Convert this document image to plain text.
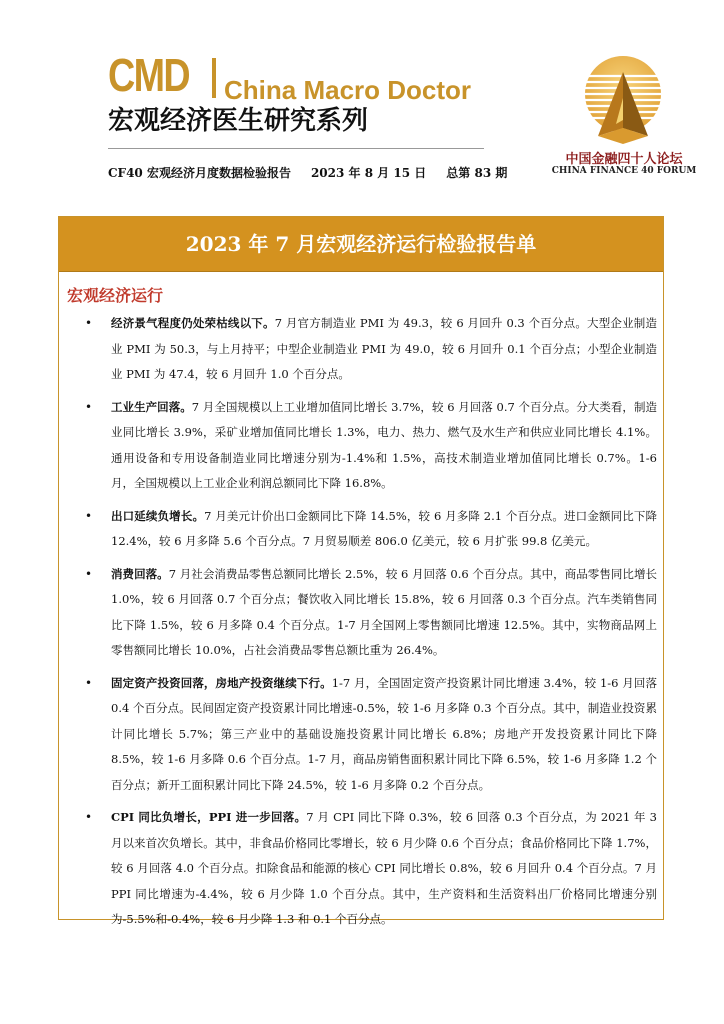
CMD China Macro Doctor
宏观经济医生研究系列
CF40 宏观经济月度数据检验报告 2023 年 8 月 15 日 总第 83 期
中国金融四十人论坛
CHINA FINANCE 40 FORUM
2023 年 7 月宏观经济运行检验报告单
宏观经济运行
• 经济景气程度仍处荣枯线以下。7 月官方制造业 PMI 为 49.3，较 6 月回升 0.3 个百分点。大型企业制造业 PMI 为 50.3，与上月持平；中型企业制造业 PMI 为 49.0，较 6 月回升 0.1 个百分点；小型企业制造业 PMI 为 47.4，较 6 月回升 1.0 个百分点。

• 工业生产回落。7 月全国规模以上工业增加值同比增长 3.7%，较 6 月回落 0.7 个百分点。分大类看，制造业同比增长 3.9%，采矿业增加值同比增长 1.3%，电力、热力、燃气及水生产和供应业同比增长 4.1%。通用设备和专用设备制造业同比增速分别为-1.4%和 1.5%，高技术制造业增加值同比增长 0.7%。1-6 月，全国规模以上工业企业利润总额同比下降 16.8%。

• 出口延续负增长。7 月美元计价出口金额同比下降 14.5%，较 6 月多降 2.1 个百分点。进口金额同比下降 12.4%，较 6 月多降 5.6 个百分点。7 月贸易顺差 806.0 亿美元，较 6 月扩张 99.8 亿美元。

• 消费回落。7 月社会消费品零售总额同比增长 2.5%，较 6 月回落 0.6 个百分点。其中，商品零售同比增长 1.0%，较 6 月回落 0.7 个百分点；餐饮收入同比增长 15.8%，较 6 月回落 0.3 个百分点。汽车类销售同比下降 1.5%，较 6 月多降 0.4 个百分点。1-7 月全国网上零售额同比增速 12.5%。其中，实物商品网上零售额同比增长 10.0%，占社会消费品零售总额比重为 26.4%。

• 固定资产投资回落，房地产投资继续下行。1-7 月，全国固定资产投资累计同比增速 3.4%，较 1-6 月回落 0.4 个百分点。民间固定资产投资累计同比增速-0.5%，较 1-6 月多降 0.3 个百分点。其中，制造业投资累计同比增长 5.7%；第三产业中的基础设施投资累计同比增长 6.8%；房地产开发投资累计同比下降 8.5%，较 1-6 月多降 0.6 个百分点。1-7 月，商品房销售面积累计同比下降 6.5%，较 1-6 月多降 1.2 个百分点；新开工面积累计同比下降 24.5%，较 1-6 月多降 0.2 个百分点。

• CPI 同比负增长，PPI 进一步回落。7 月 CPI 同比下降 0.3%，较 6 回落 0.3 个百分点，为 2021 年 3 月以来首次负增长。其中，非食品价格同比零增长，较 6 月少降 0.6 个百分点；食品价格同比下降 1.7%，较 6 月回落 4.0 个百分点。扣除食品和能源的核心 CPI 同比增长 0.8%，较 6 月回升 0.4 个百分点。7 月 PPI 同比增速为-4.4%，较 6 月少降 1.0 个百分点。其中，生产资料和生活资料出厂价格同比增速分别为-5.5%和-0.4%，较 6 月少降 1.3 和 0.1 个百分点。
